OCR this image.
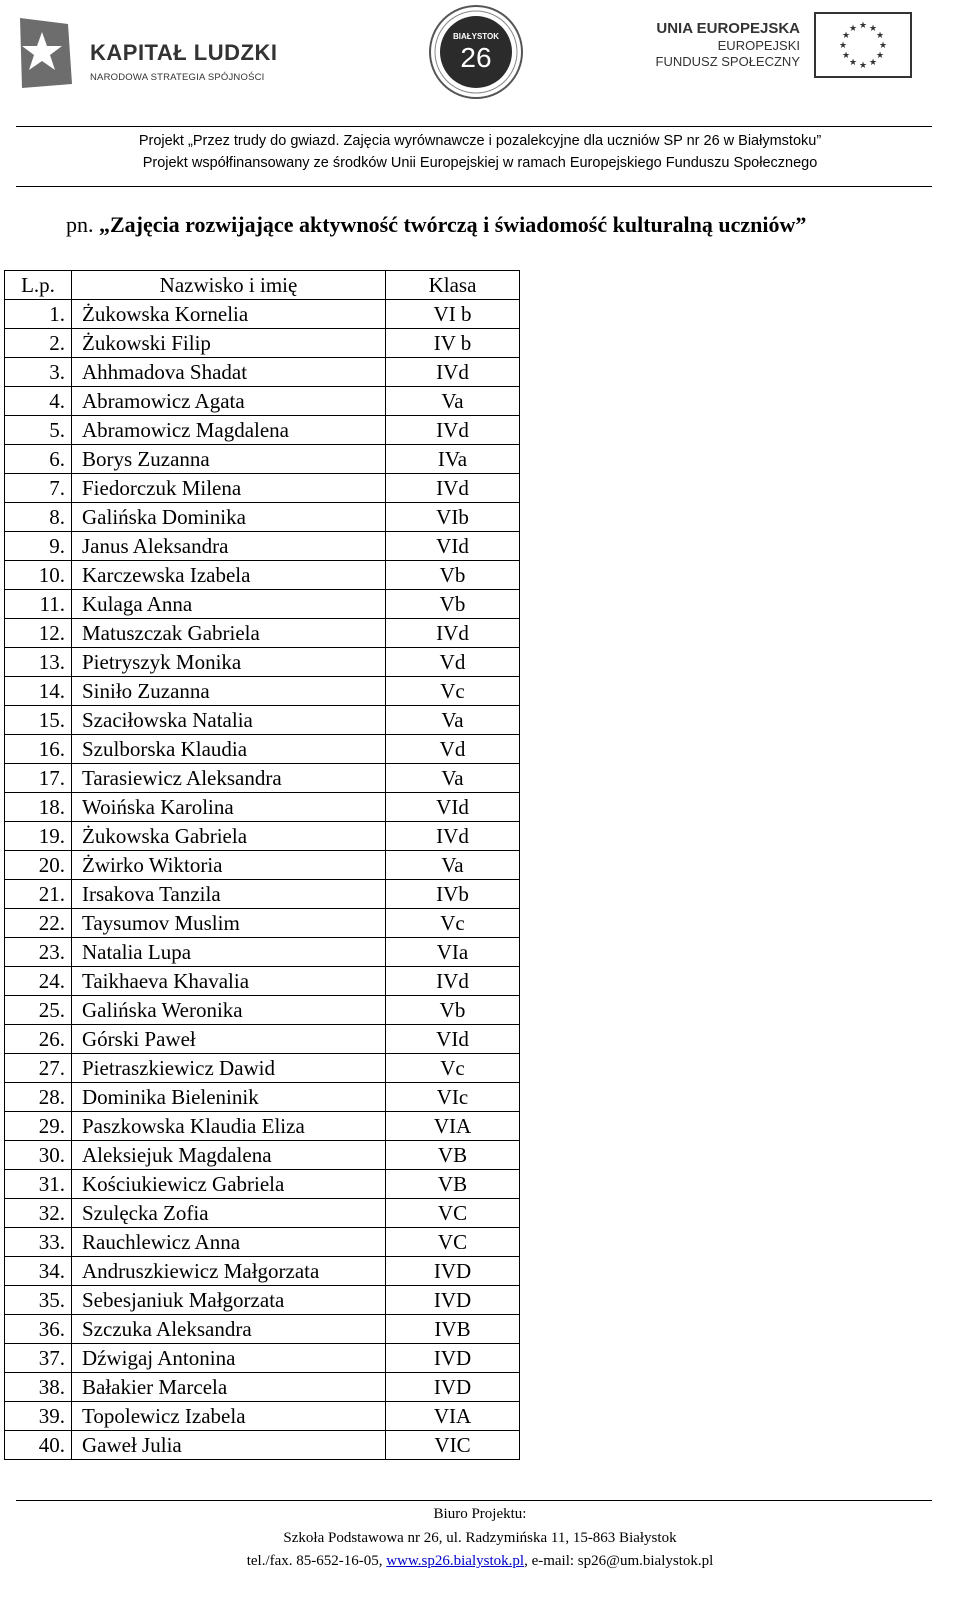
KAPITAŁ LUDZKI
NARODOWA STRATEGIA SPÓJNOŚCI
BIAŁYSTOK
26
UNIA EUROPEJSKA
EUROPEJSKI
FUNDUSZ SPOŁECZNY
★ ★
★
★
★
★
★
★
★
★
★
★
Projekt „Przez trudy do gwiazd. Zajęcia wyrównawcze i pozalekcyjne dla uczniów SP nr 26 w Białymstoku”
Projekt współfinansowany ze środków Unii Europejskiej w ramach Europejskiego Funduszu Społecznego
pn. „Zajęcia rozwijające aktywność twórczą i świadomość kulturalną uczniów”
L.p.	Nazwisko i imię	Klasa
1.	Żukowska Kornelia	VI b
2.	Żukowski Filip	IV b
3.	Ahhmadova Shadat	IVd
4.	Abramowicz Agata	Va
5.	Abramowicz Magdalena	IVd
6.	Borys Zuzanna	IVa
7.	Fiedorczuk Milena	IVd
8.	Galińska Dominika	VIb
9.	Janus Aleksandra	VId
10.	Karczewska Izabela	Vb
11.	Kulaga Anna	Vb
12.	Matuszczak Gabriela	IVd
13.	Pietryszyk Monika	Vd
14.	Siniło Zuzanna	Vc
15.	Szaciłowska Natalia	Va
16.	Szulborska Klaudia	Vd
17.	Tarasiewicz Aleksandra	Va
18.	Woińska Karolina	VId
19.	Żukowska Gabriela	IVd
20.	Żwirko Wiktoria	Va
21.	Irsakova Tanzila	IVb
22.	Taysumov Muslim	Vc
23.	Natalia Lupa	VIa
24.	Taikhaeva Khavalia	IVd
25.	Galińska Weronika	Vb
26.	Górski Paweł	VId
27.	Pietraszkiewicz Dawid	Vc
28.	Dominika Bieleninik	VIc
29.	Paszkowska Klaudia Eliza	VIA
30.	Aleksiejuk Magdalena	VB
31.	Kościukiewicz Gabriela	VB
32.	Szulęcka Zofia	VC
33.	Rauchlewicz Anna	VC
34.	Andruszkiewicz Małgorzata	IVD
35.	Sebesjaniuk Małgorzata	IVD
36.	Szczuka Aleksandra	IVB
37.	Dźwigaj Antonina	IVD
38.	Bałakier Marcela	IVD
39.	Topolewicz Izabela	VIA
40.	Gaweł Julia	VIC
Biuro Projektu:
Szkoła Podstawowa nr 26, ul. Radzymińska 11, 15-863 Białystok
tel./fax. 85-652-16-05, www.sp26.bialystok.pl, e-mail: sp26@um.bialystok.pl
